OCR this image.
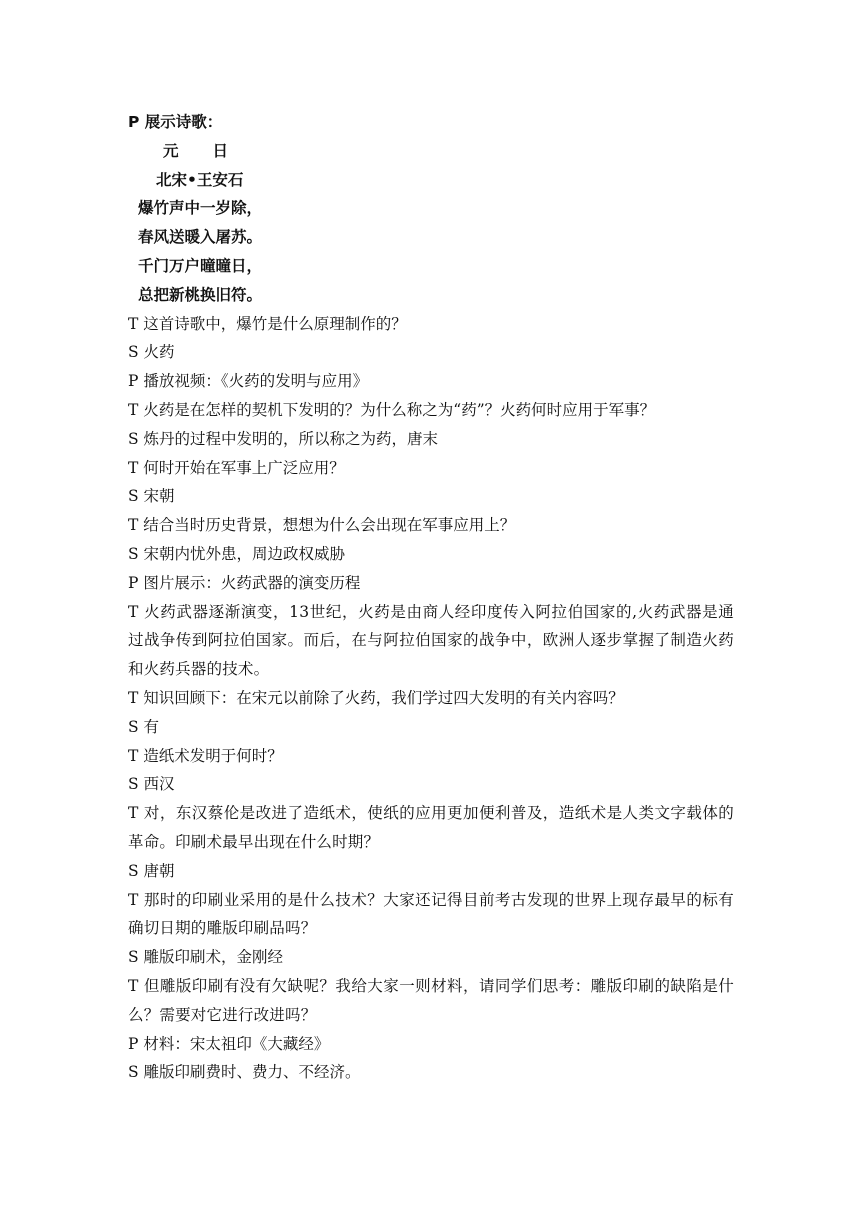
P 展示诗歌：
元 日
北宋•王安石
爆竹声中一岁除，
春风送暖入屠苏。
千门万户曈曈日，
总把新桃换旧符。
T 这首诗歌中，爆竹是什么原理制作的？
S 火药
P 播放视频：《火药的发明与应用》
T 火药是在怎样的契机下发明的？为什么称之为“药”？火药何时应用于军事？
S 炼丹的过程中发明的，所以称之为药，唐末
T 何时开始在军事上广泛应用？
S 宋朝
T 结合当时历史背景，想想为什么会出现在军事应用上？
S 宋朝内忧外患，周边政权威胁
P 图片展示：火药武器的演变历程
T 火药武器逐渐演变，13世纪，火药是由商人经印度传入阿拉伯国家的,火药武器是通过战争传到阿拉伯国家。而后，在与阿拉伯国家的战争中，欧洲人逐步掌握了制造火药和火药兵器的技术。
T 知识回顾下：在宋元以前除了火药，我们学过四大发明的有关内容吗？
S 有
T 造纸术发明于何时？
S 西汉
T 对，东汉蔡伦是改进了造纸术，使纸的应用更加便利普及，造纸术是人类文字载体的革命。印刷术最早出现在什么时期？
S 唐朝
T 那时的印刷业采用的是什么技术？大家还记得目前考古发现的世界上现存最早的标有确切日期的雕版印刷品吗？
S 雕版印刷术，金刚经
T 但雕版印刷有没有欠缺呢？我给大家一则材料，请同学们思考：雕版印刷的缺陷是什么？需要对它进行改进吗？
P 材料：宋太祖印《大藏经》
S 雕版印刷费时、费力、不经济。
